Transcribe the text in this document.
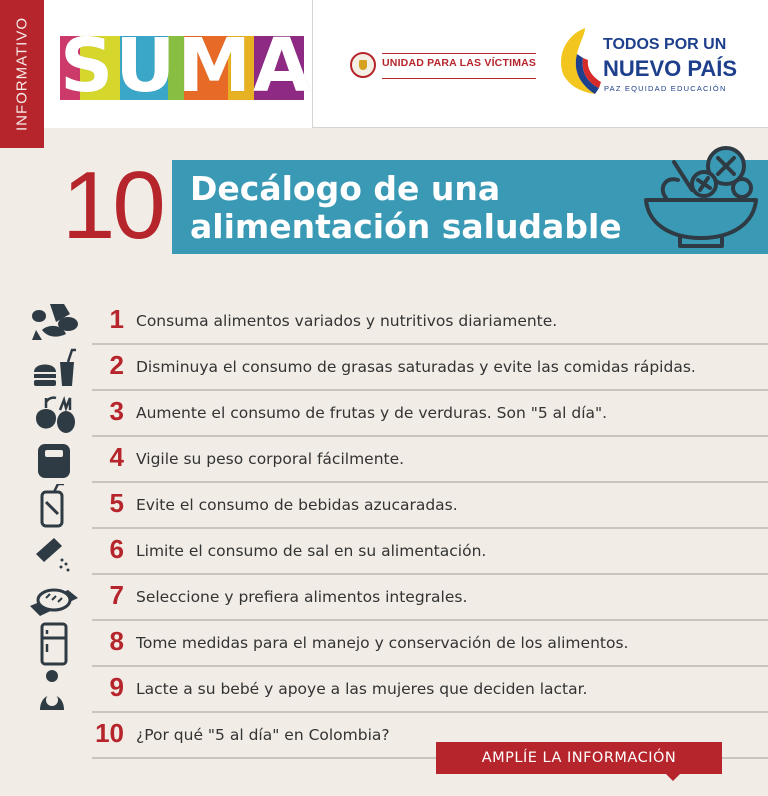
INFORMATIVO SUMA	UNIDAD PARA LAS VÍCTIMAS
TODOS POR UN
NUEVO PAÍS
PAZ EQUIDAD EDUCACIÓN
10 Decálogo de una
alimentación saludable
1 Consuma alimentos variados y nutritivos diariamente.
2 Disminuya el consumo de grasas saturadas y evite las comidas rápidas.
3 Aumente el consumo de frutas y de verduras. Son "5 al día".
4 Vigile su peso corporal fácilmente.
5 Evite el consumo de bebidas azucaradas.
6 Limite el consumo de sal en su alimentación.
7 Seleccione y prefiera alimentos integrales.
8 Tome medidas para el manejo y conservación de los alimentos.
9 Lacte a su bebé y apoye a las mujeres que deciden lactar.
10 ¿Por qué "5 al día" en Colombia?
AMPLÍE LA INFORMACIÓN
